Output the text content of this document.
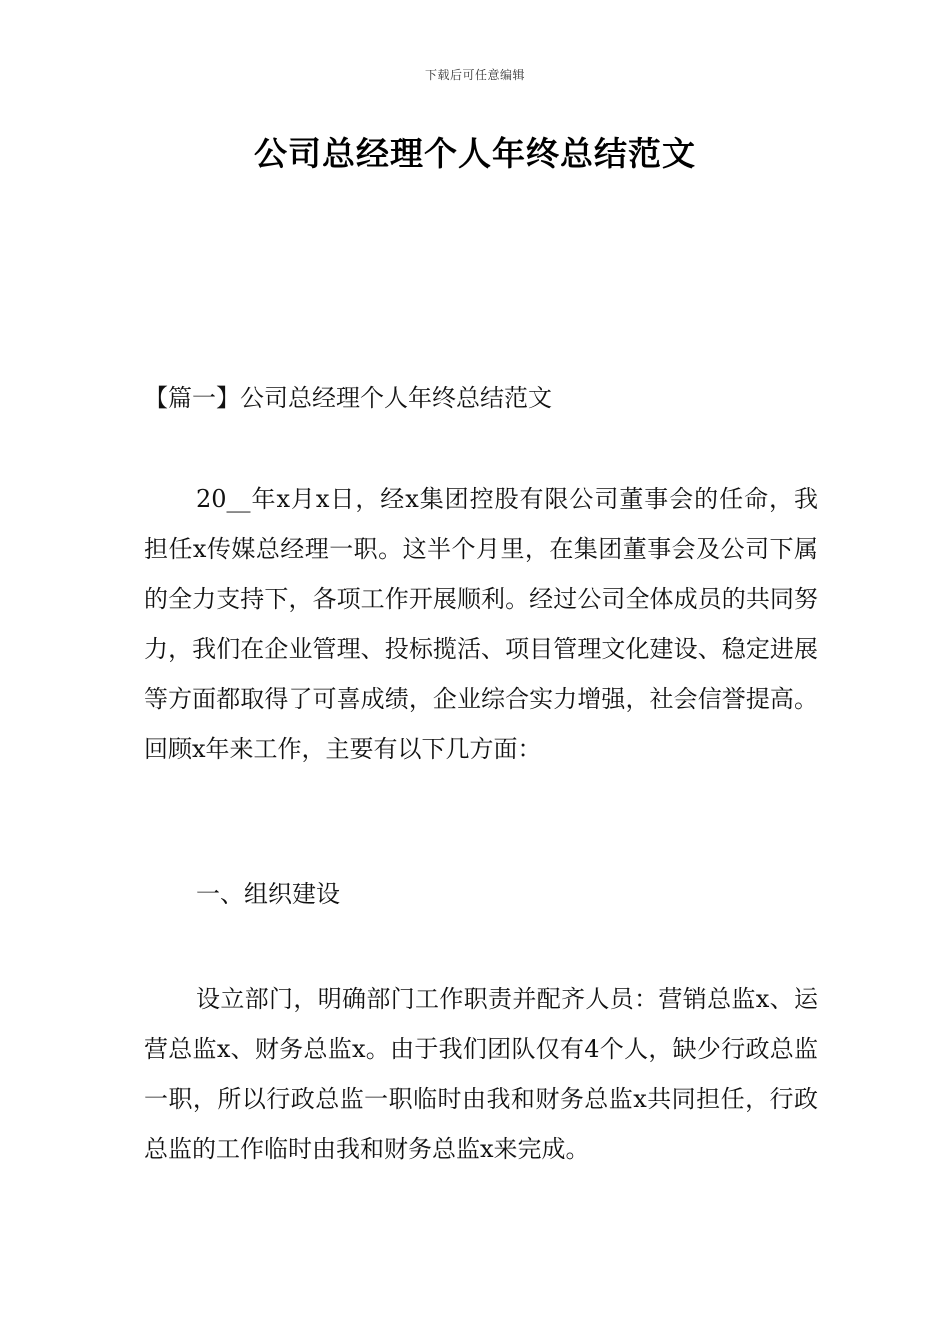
下载后可任意编辑
公司总经理个人年终总结范文
【篇一】公司总经理个人年终总结范文

20__年x月x日，经x集团控股有限公司董事会的任命，我担任x传媒总经理一职。这半个月里，在集团董事会及公司下属的全力支持下，各项工作开展顺利。经过公司全体成员的共同努力，我们在企业管理、投标揽活、项目管理文化建设、稳定进展等方面都取得了可喜成绩，企业综合实力增强，社会信誉提高。回顾x年来工作，主要有以下几方面：

一、组织建设

设立部门，明确部门工作职责并配齐人员：营销总监x、运营总监x、财务总监x。由于我们团队仅有4个人，缺少行政总监一职，所以行政总监一职临时由我和财务总监x共同担任，行政总监的工作临时由我和财务总监x来完成。
